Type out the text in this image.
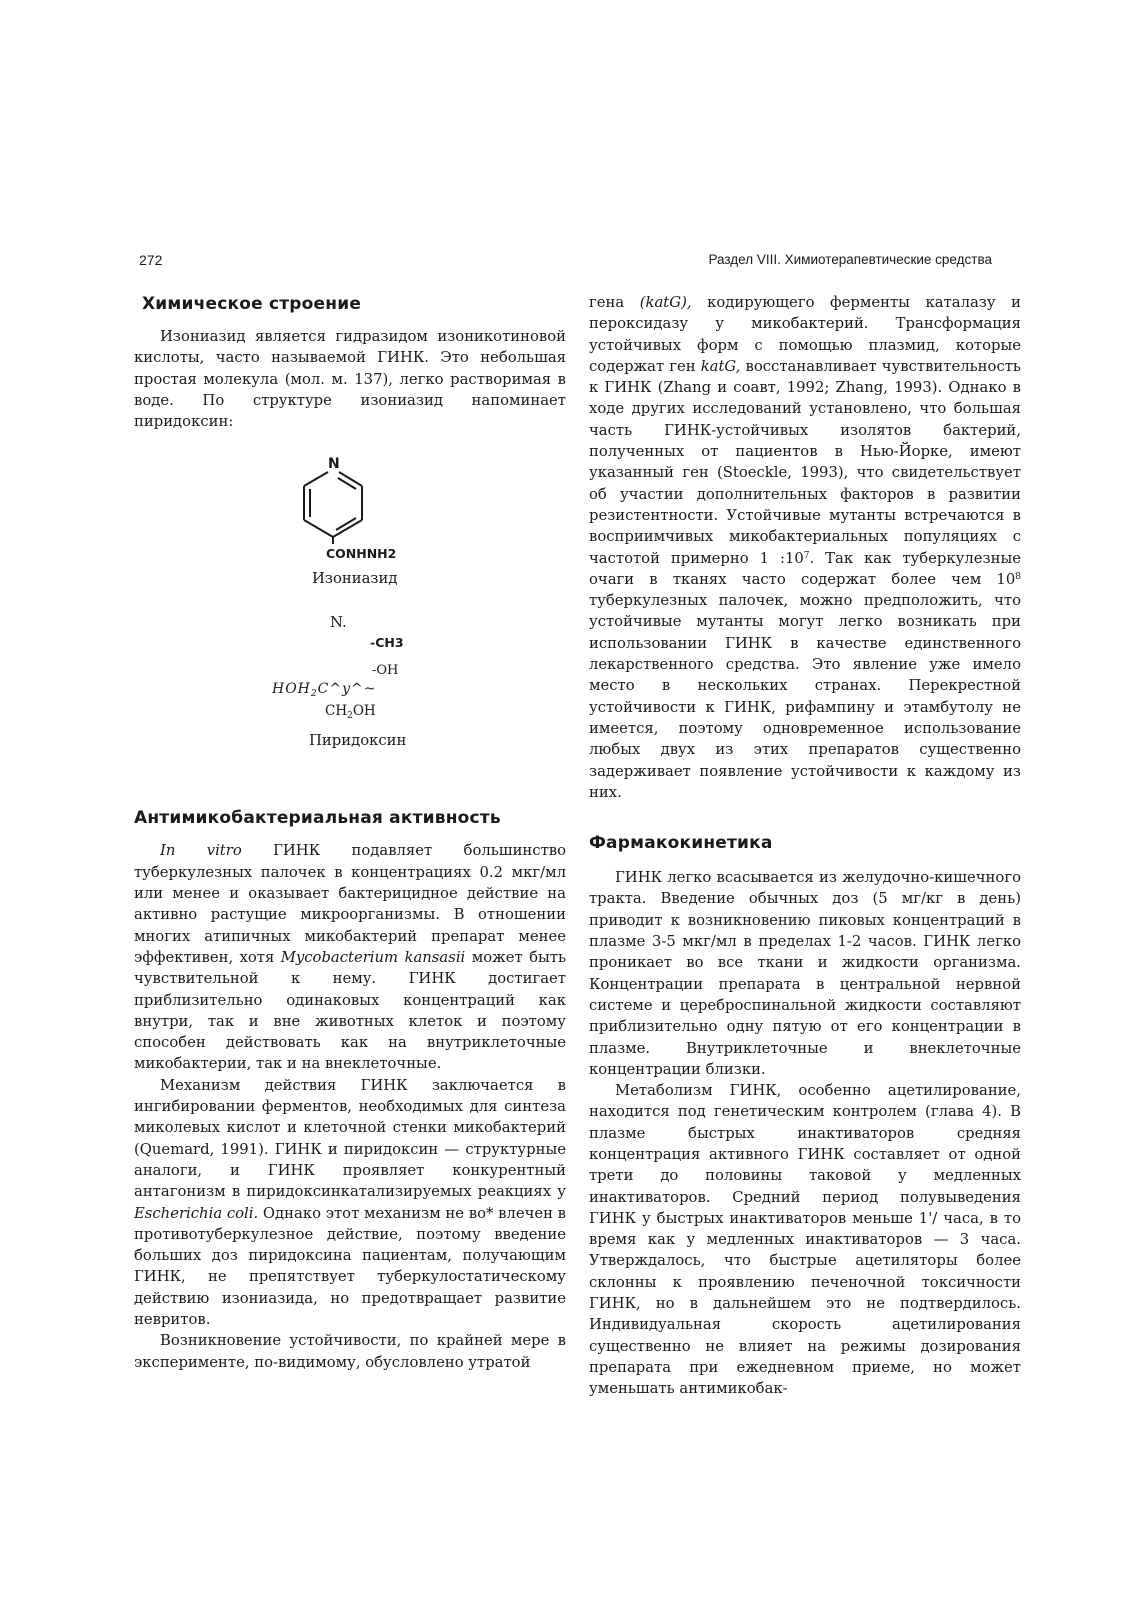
272	Раздел VIII. Химиотерапевтические средства
Химическое строение

Изониазид является гидразидом изоникотиновой кислоты, часто называемой ГИНК. Это небольшая простая молекула (мол. м. 137), легко растворимая в воде. По структуре изониазид напоминает пиридоксин:

N
CONHNH2
Изониазид
N.
-CH3
-OH
$HOH_2C\^{}y\^{}\sim$
$CH_2OH$
Пиридоксин
Антимикобактериальная активность

In vitro ГИНК подавляет большинство туберкулезных палочек в концентрациях 0.2 мкг/мл или менее и оказывает бактерицидное действие на активно растущие микроорганизмы. В отношении многих атипичных микобактерий препарат менее эффективен, хотя Mycobacterium kansasii может быть чувствительной к нему. ГИНК достигает приблизительно одинаковых концентраций как внутри, так и вне животных клеток и поэтому способен действовать как на внутриклеточные микобактерии, так и на внеклеточные.

Механизм действия ГИНК заключается в ингибировании ферментов, необходимых для синтеза миколевых кислот и клеточной стенки микобактерий (Quemard, 1991). ГИНК и пиридоксин — структурные аналоги, и ГИНК проявляет конкурентный антагонизм в пиридоксинкатализируемых реакциях у Escherichia coli. Однако этот механизм не во* влечен в противотуберкулезное действие, поэтому введение больших доз пиридоксина пациентам, получающим ГИНК, не препятствует туберкулостатическому действию изониазида, но предотвращает развитие невритов.

Возникновение устойчивости, по крайней мере в эксперименте, по-видимому, обусловлено утратой

гена (katG), кодирующего ферменты каталазу и пероксидазу у микобактерий. Трансформация устойчивых форм с помощью плазмид, которые содержат ген katG, восстанавливает чувствительность к ГИНК (Zhang и соавт, 1992; Zhang, 1993). Однако в ходе других исследований установлено, что большая часть ГИНК-устойчивых изолятов бактерий, полученных от пациентов в Нью-Йорке, имеют указанный ген (Stoeckle, 1993), что свидетельствует об участии дополнительных факторов в развитии резистентности. Устойчивые мутанты встречаются в восприимчивых микобактериальных популяциях с частотой примерно 1 $:10^7$. Так как туберкулезные очаги в тканях часто содержат более чем $10^8$ туберкулезных палочек, можно предположить, что устойчивые мутанты могут легко возникать при использовании ГИНК в качестве единственного лекарственного средства. Это явление уже имело место в нескольких странах. Перекрестной устойчивости к ГИНК, рифампину и этамбутолу не имеется, поэтому одновременное использование любых двух из этих препаратов существенно задерживает появление устойчивости к каждому из них.

Фармакокинетика

ГИНК легко всасывается из желудочно-кишечного тракта. Введение обычных доз (5 мг/кг в день) приводит к возникновению пиковых концентраций в плазме 3-5 мкг/мл в пределах 1-2 часов. ГИНК легко проникает во все ткани и жидкости организма. Концентрации препарата в центральной нервной системе и цереброспинальной жидкости составляют приблизительно одну пятую от его концентрации в плазме. Внутриклеточные и внеклеточные концентрации близки.

Метаболизм ГИНК, особенно ацетилирование, находится под генетическим контролем (глава 4). В плазме быстрых инактиваторов средняя концентрация активного ГИНК составляет от одной трети до половины таковой у медленных инактиваторов. Средний период полувыведения ГИНК у быстрых инактиваторов меньше 1'/ часа, в то время как у медленных инактиваторов — 3 часа. Утверждалось, что быстрые ацетиляторы более склонны к проявлению печеночной токсичности ГИНК, но в дальнейшем это не подтвердилось. Индивидуальная скорость ацетилирования существенно не влияет на режимы дозирования препарата при ежедневном приеме, но может уменьшать антимикобак-
